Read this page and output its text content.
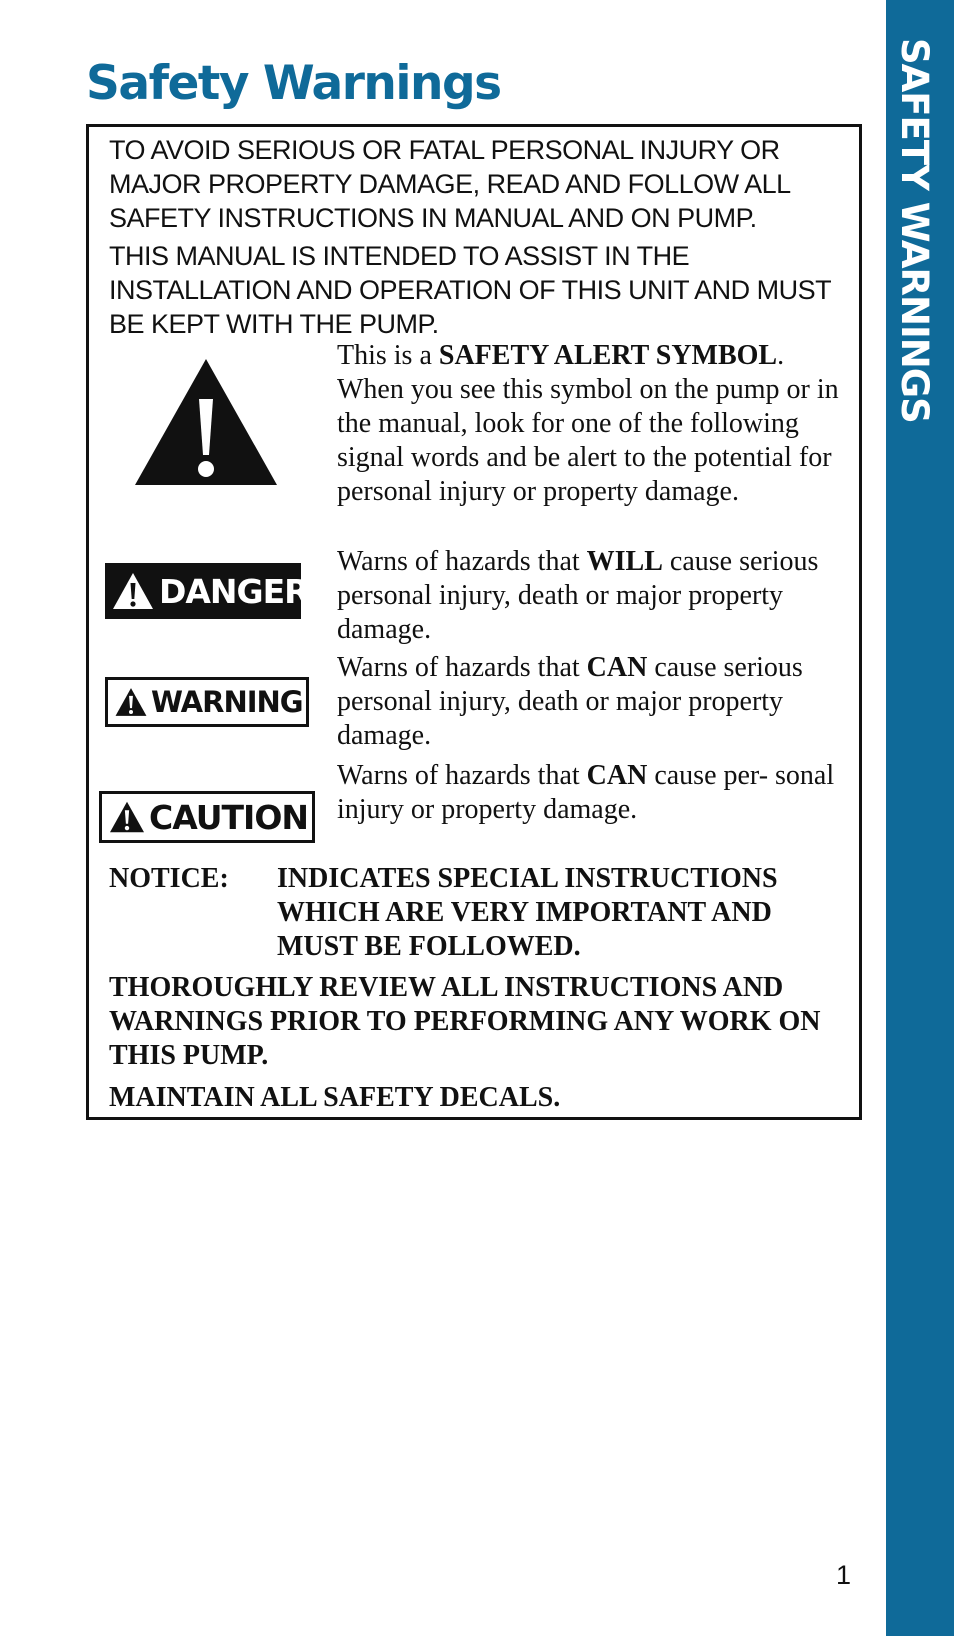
SAFETY WARNINGS
Safety Warnings

TO AVOID SERIOUS OR FATAL PERSONAL INJURY OR MAJOR PROPERTY DAMAGE, READ AND FOLLOW ALL SAFETY INSTRUCTIONS IN MANUAL AND ON PUMP.

THIS MANUAL IS INTENDED TO ASSIST IN THE INSTALLATION AND OPERATION OF THIS UNIT AND MUST BE KEPT WITH THE PUMP.

This is a SAFETY ALERT SYMBOL. When you see this symbol on the pump or in the manual, look for one of the following signal words and be alert to the potential for personal injury or property damage.

DANGER

Warns of hazards that WILL cause serious personal injury, death or major property damage.

WARNING

Warns of hazards that CAN cause serious personal injury, death or major property damage.

CAUTION

Warns of hazards that CAN cause per- sonal injury or property damage.

NOTICE: INDICATES SPECIAL INSTRUCTIONS WHICH ARE VERY IMPORTANT AND MUST BE FOLLOWED.

THOROUGHLY REVIEW ALL INSTRUCTIONS AND WARNINGS PRIOR TO PERFORMING ANY WORK ON THIS PUMP.

MAINTAIN ALL SAFETY DECALS.

1
